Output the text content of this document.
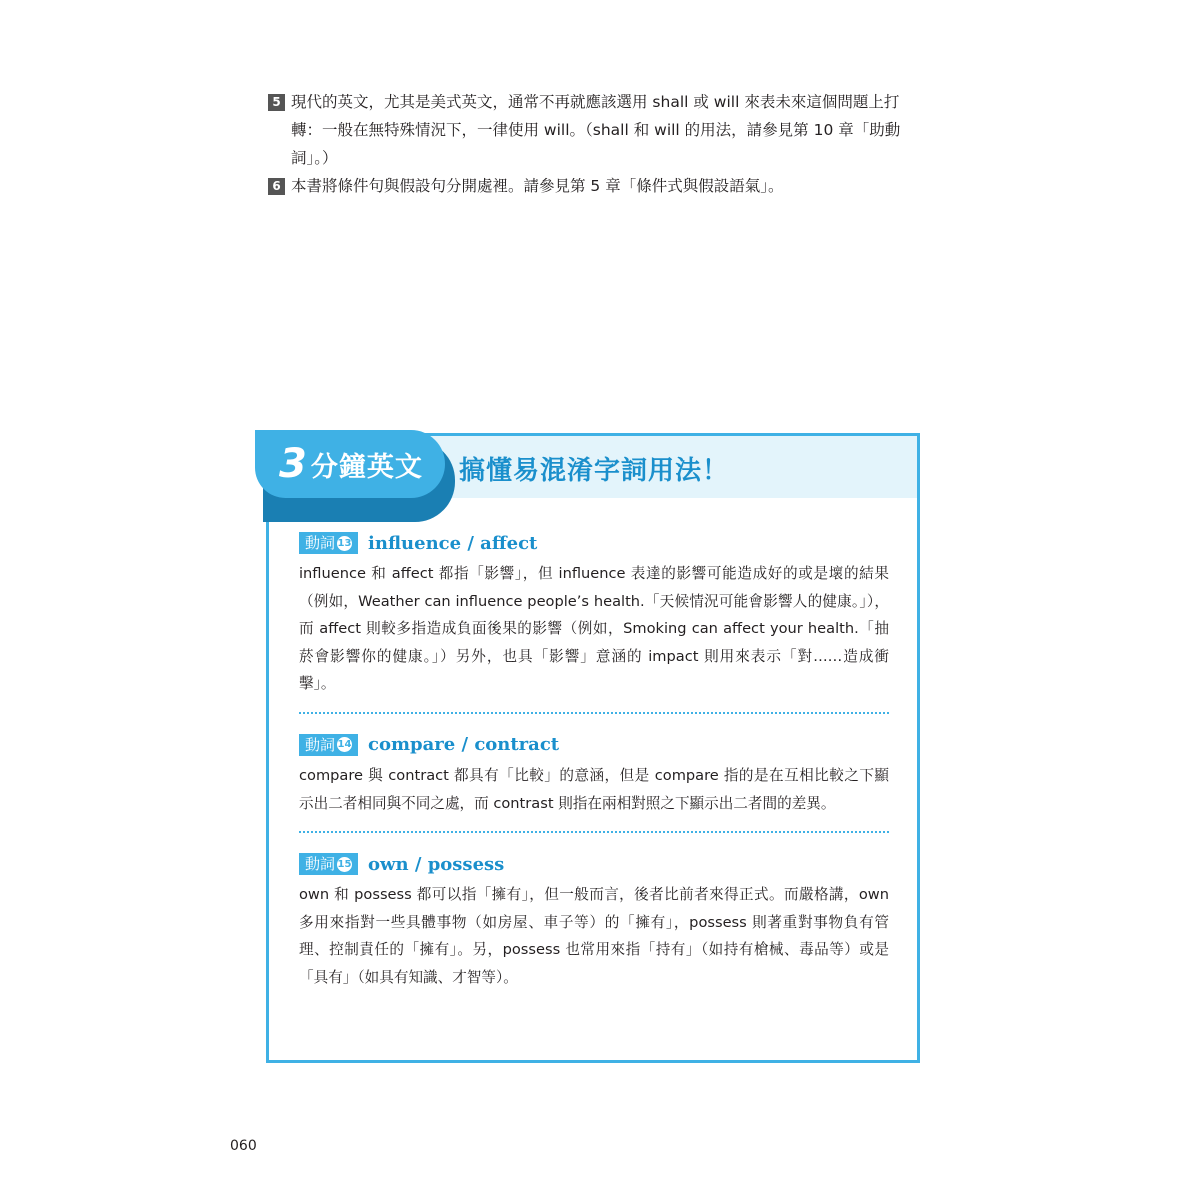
5 現代的英文，尤其是美式英文，通常不再就應該選用 shall 或 will 來表未來這個問題上打轉：一般在無特殊情況下，一律使用 will。（shall 和 will 的用法，請參見第 10 章「助動詞」。）
6 本書將條件句與假設句分開處裡。請參見第 5 章「條件式與假設語氣」。
3 分鐘英文 搞懂易混淆字詞用法！
動詞 13 influence / affect
influence 和 affect 都指「影響」，但 influence 表達的影響可能造成好的或是壞的結果（例如，Weather can influence people’s health.「天候情況可能會影響人的健康。」），而 affect 則較多指造成負面後果的影響（例如，Smoking can affect your health.「抽菸會影響你的健康。」）另外，也具「影響」意涵的 impact 則用來表示「對……造成衝擊」。
動詞 14 compare / contract
compare 與 contract 都具有「比較」的意涵，但是 compare 指的是在互相比較之下顯示出二者相同與不同之處，而 contrast 則指在兩相對照之下顯示出二者間的差異。
動詞 15 own / possess
own 和 possess 都可以指「擁有」，但一般而言，後者比前者來得正式。而嚴格講，own 多用來指對一些具體事物（如房屋、車子等）的「擁有」，possess 則著重對事物負有管理、控制責任的「擁有」。另，possess 也常用來指「持有」（如持有槍械、毒品等）或是「具有」（如具有知識、才智等）。
060
